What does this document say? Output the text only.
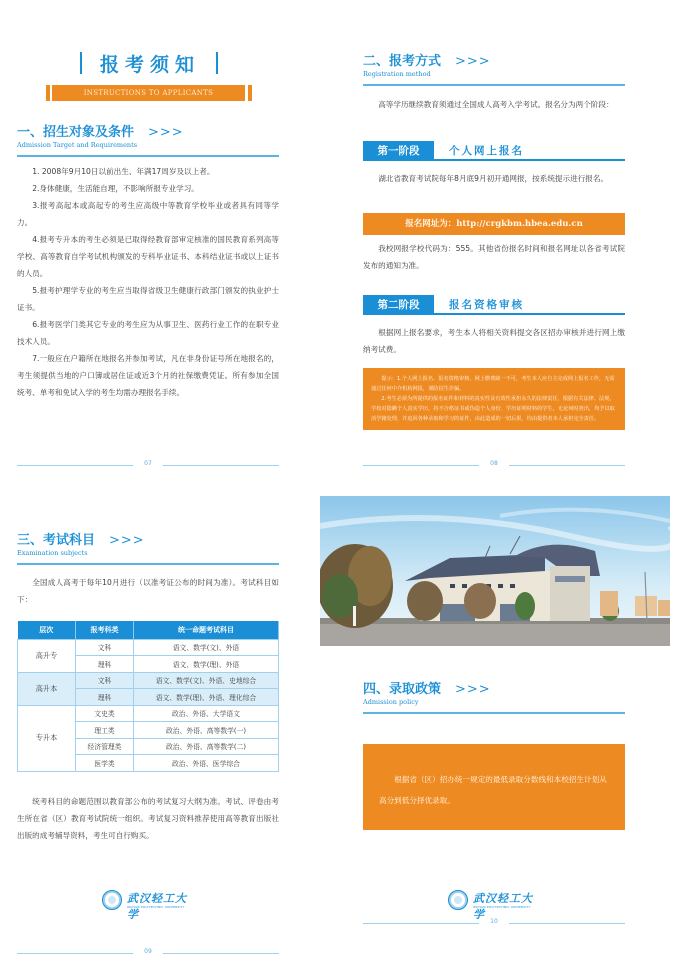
报考须知
INSTRUCTIONS TO APPLICANTS
一、招生对象及条件 >>>
Admission Target and Requirements

1. 2008年9月10日以前出生、年满17周岁及以上者。

2.身体健康，生活能自理，不影响所报专业学习。

3.报考高起本或高起专的考生应高级中等教育学校毕业或者具有同等学力。

4.报考专升本的考生必须是已取得经教育部审定核准的国民教育系列高等学校、高等教育自学考试机构颁发的专科毕业证书、本科结业证书或以上证书的人员。

5.报考护理学专业的考生应当取得省级卫生健康行政部门颁发的执业护士证书。

6.报考医学门类其它专业的考生应为从事卫生、医药行业工作的在职专业技术人员。

7.一般应在户籍所在地报名并参加考试，凡在非身份证号所在地报名的，考生须提供当地的户口簿或居住证或近3个月的社保缴费凭证。所有参加全国统考、单考和免试入学的考生均需办理报名手续。

07
二、报考方式 >>>
Registration method

高等学历继续教育须通过全国成人高考入学考试。报名分为两个阶段：

第一阶段	个人网上报名

湖北省教育考试院每年8月底9月初开通网报，按系统提示进行报名。

报名网址为：http://crgkbm.hbea.edu.cn

我校网报学校代码为：555。其他省份报名时间和报名网址以各省考试院发布的通知为准。

第二阶段	报名资格审核

根据网上报名要求，考生本人将相关资料提交各区招办审核并进行网上缴纳考试费。

提示：1.个人网上报名、报名资格审核、网上缴费缺一不可，考生本人应自主完成网上报名工作，无需通过任何中介机构网报，谨防招生诈骗。

2.考生必须为所提供的报名证件和材料的真实性及有效性承担永久的法律责任，根据有关法律、法规，学校对隐瞒个人真实学历，持不合格证书或伪造个人身份、学历证明材料的学生，无论何时查出，均予以取消学籍处理，并追回各种录取和学习的证件，由此造成的一切后果，均由提供者本人承担完全责任。

08
三、考试科目 >>>
Examination subjects

全国成人高考于每年10月进行（以准考证公布的时间为准）。考试科目如下：

层次	报考科类	统一命题考试科目
高升专	文科	语文、数学(文)、外语
	理科	语文、数学(理)、外语
高升本	文科	语文、数学(文)、外语、史地综合
	理科	语文、数学(理)、外语、理化综合
专升本	文史类	政治、外语、大学语文
	理工类	政治、外语、高等数学(一)
	经济管理类	政治、外语、高等数学(二)
	医学类	政治、外语、医学综合

统考科目的命题范围以教育部公布的考试复习大纲为准。考试、评卷由考生所在省（区）教育考试院统一组织。考试复习资料推荐使用高等教育出版社出版的成考辅导资料，考生可自行购买。

武汉轻工大学
WUHAN POLYTECHNIC UNIVERSITY
09
四、录取政策 >>>
Admission policy

根据省（区）招办统一规定的最低录取分数线和本校招生计划从高分到低分择优录取。

武汉轻工大学
WUHAN POLYTECHNIC UNIVERSITY
10
